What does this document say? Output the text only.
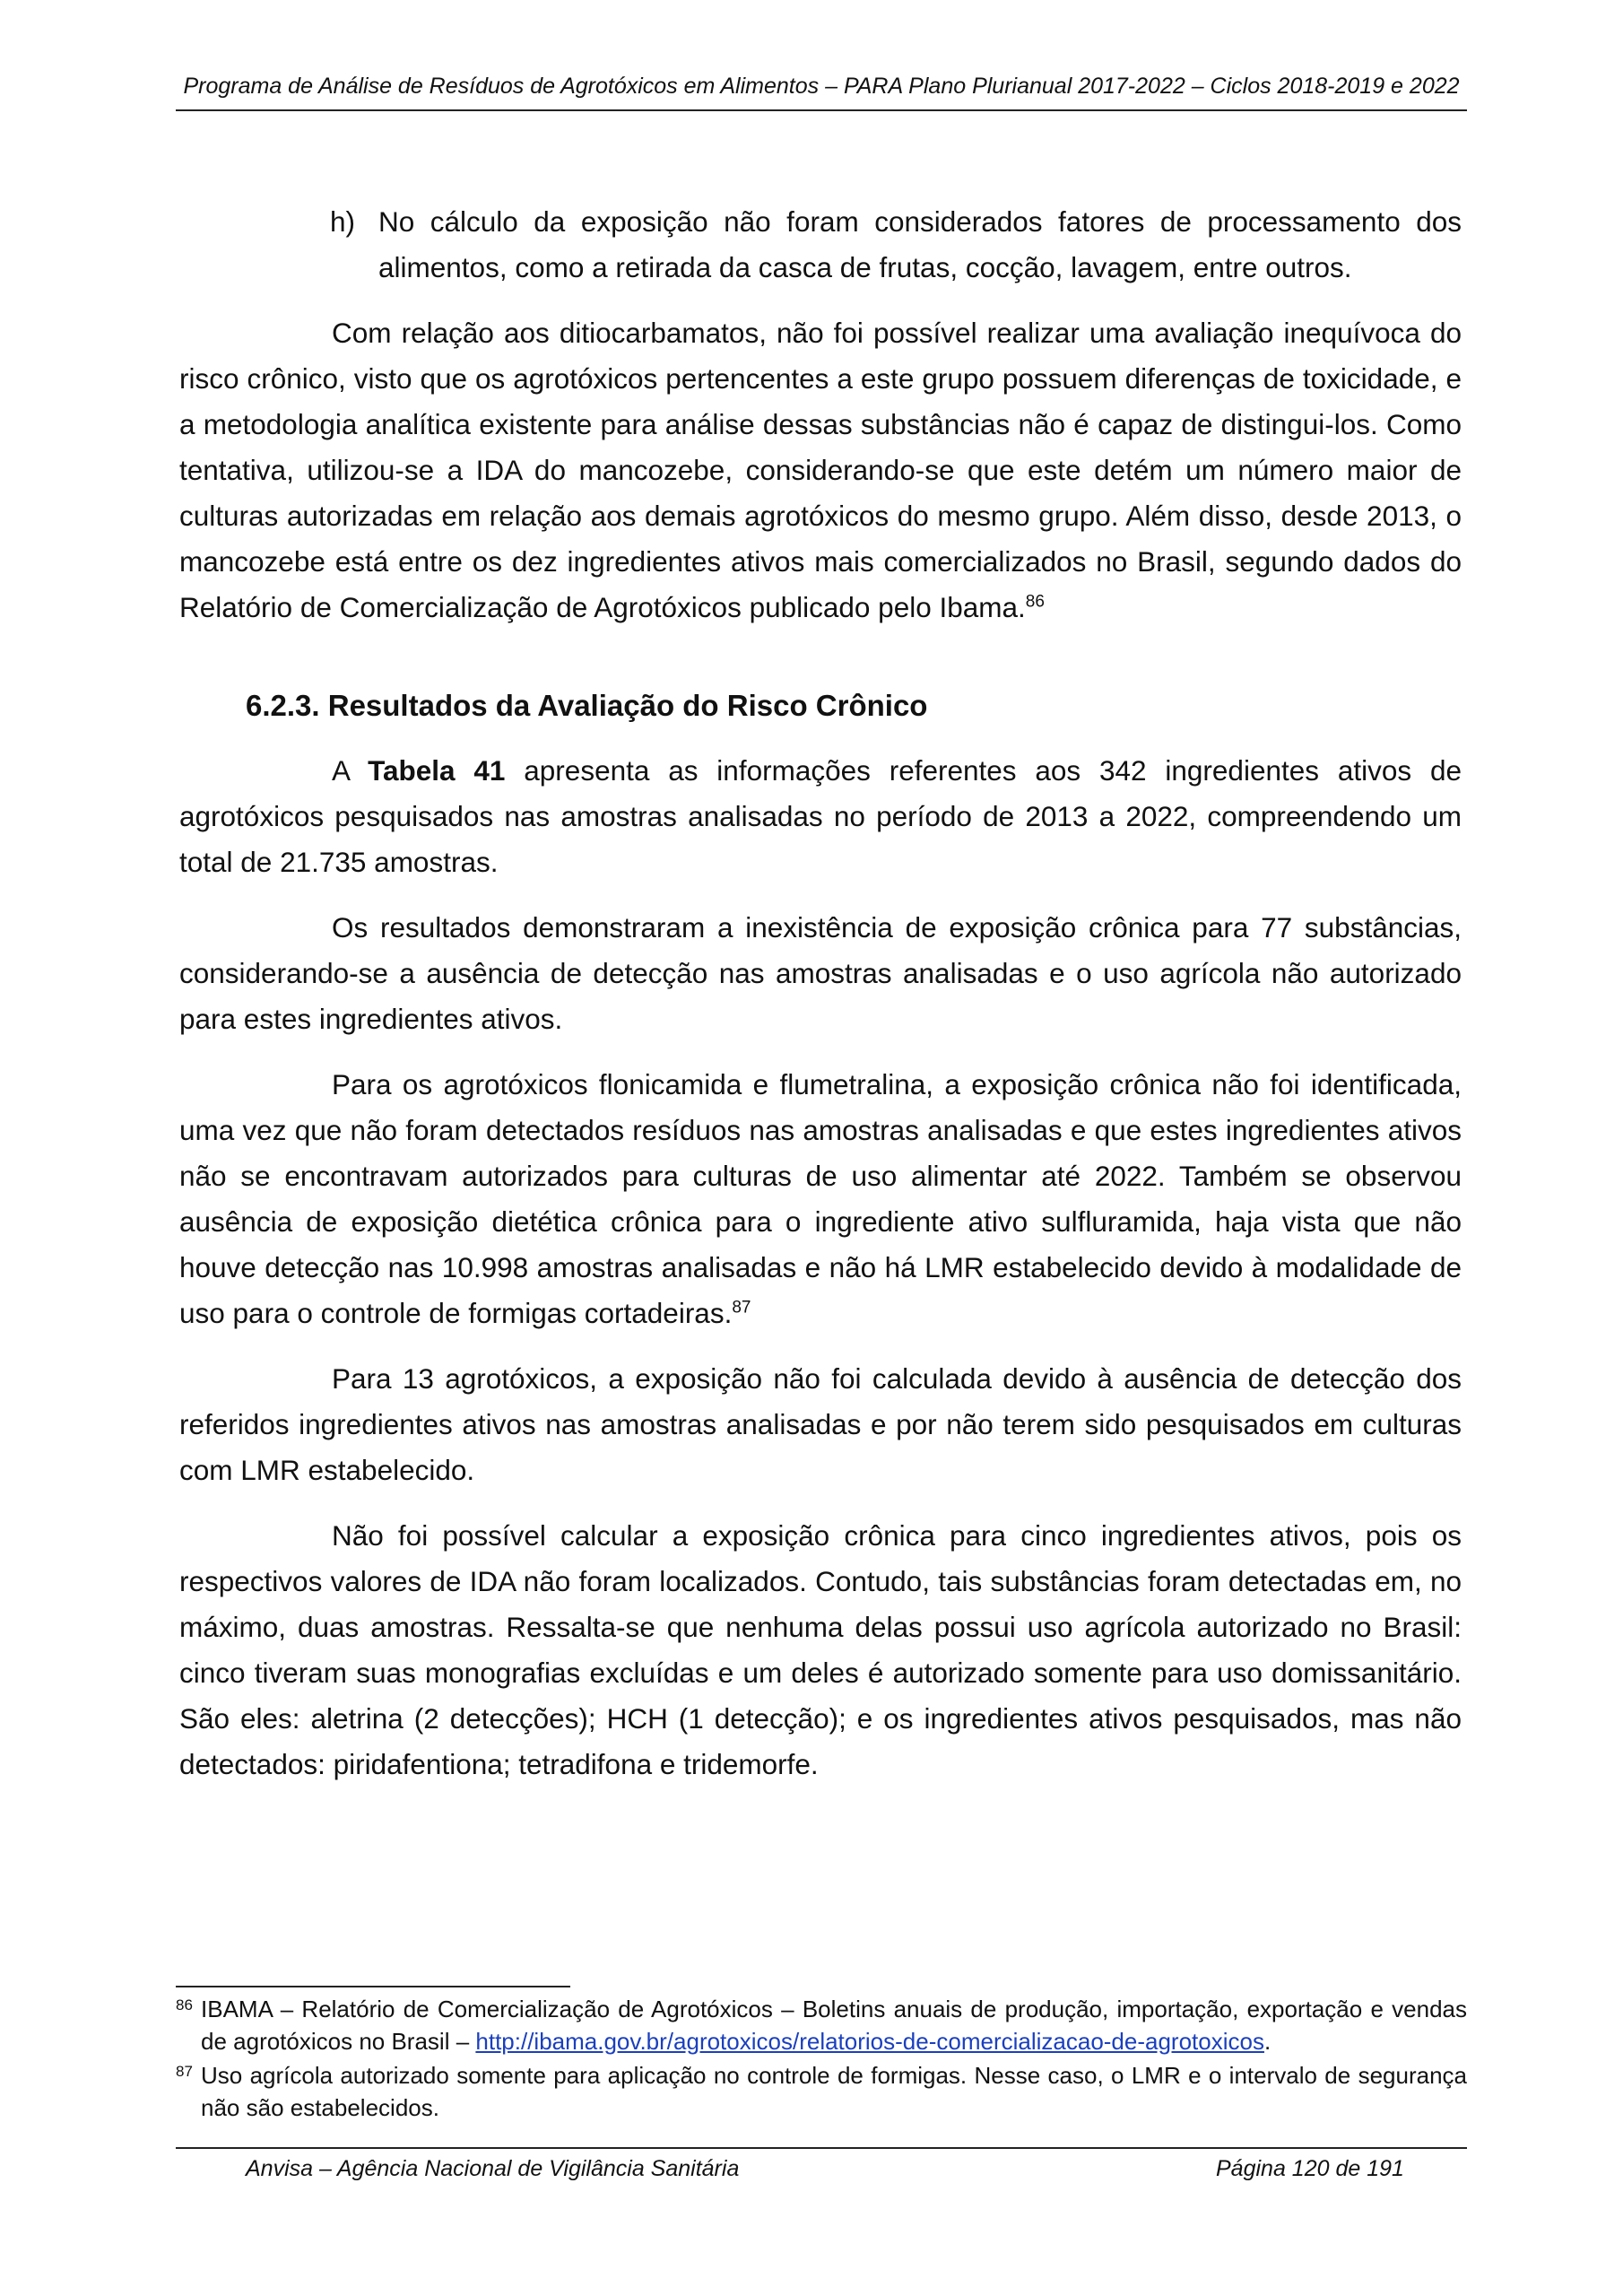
Programa de Análise de Resíduos de Agrotóxicos em Alimentos – PARA Plano Plurianual 2017-2022 – Ciclos 2018-2019 e 2022
h) No cálculo da exposição não foram considerados fatores de processamento dos alimentos, como a retirada da casca de frutas, cocção, lavagem, entre outros.

Com relação aos ditiocarbamatos, não foi possível realizar uma avaliação inequívoca do risco crônico, visto que os agrotóxicos pertencentes a este grupo possuem diferenças de toxicidade, e a metodologia analítica existente para análise dessas substâncias não é capaz de distingui-los. Como tentativa, utilizou-se a IDA do mancozebe, considerando-se que este detém um número maior de culturas autorizadas em relação aos demais agrotóxicos do mesmo grupo. Além disso, desde 2013, o mancozebe está entre os dez ingredientes ativos mais comercializados no Brasil, segundo dados do Relatório de Comercialização de Agrotóxicos publicado pelo Ibama.$^{86}$

6.2.3. Resultados da Avaliação do Risco Crônico

A Tabela 41 apresenta as informações referentes aos 342 ingredientes ativos de agrotóxicos pesquisados nas amostras analisadas no período de 2013 a 2022, compreendendo um total de 21.735 amostras.

Os resultados demonstraram a inexistência de exposição crônica para 77 substâncias, considerando-se a ausência de detecção nas amostras analisadas e o uso agrícola não autorizado para estes ingredientes ativos.

Para os agrotóxicos flonicamida e flumetralina, a exposição crônica não foi identificada, uma vez que não foram detectados resíduos nas amostras analisadas e que estes ingredientes ativos não se encontravam autorizados para culturas de uso alimentar até 2022. Também se observou ausência de exposição dietética crônica para o ingrediente ativo sulfluramida, haja vista que não houve detecção nas 10.998 amostras analisadas e não há LMR estabelecido devido à modalidade de uso para o controle de formigas cortadeiras.$^{87}$

Para 13 agrotóxicos, a exposição não foi calculada devido à ausência de detecção dos referidos ingredientes ativos nas amostras analisadas e por não terem sido pesquisados em culturas com LMR estabelecido.

Não foi possível calcular a exposição crônica para cinco ingredientes ativos, pois os respectivos valores de IDA não foram localizados. Contudo, tais substâncias foram detectadas em, no máximo, duas amostras. Ressalta-se que nenhuma delas possui uso agrícola autorizado no Brasil: cinco tiveram suas monografias excluídas e um deles é autorizado somente para uso domissanitário. São eles: aletrina (2 detecções); HCH (1 detecção); e os ingredientes ativos pesquisados, mas não detectados: piridafentiona; tetradifona e tridemorfe.

86 IBAMA – Relatório de Comercialização de Agrotóxicos – Boletins anuais de produção, importação, exportação e vendas de agrotóxicos no Brasil – http://ibama.gov.br/agrotoxicos/relatorios-de-comercializacao-de-agrotoxicos.
87 Uso agrícola autorizado somente para aplicação no controle de formigas. Nesse caso, o LMR e o intervalo de segurança não são estabelecidos.
Anvisa – Agência Nacional de Vigilância Sanitária	Página 120 de 191
